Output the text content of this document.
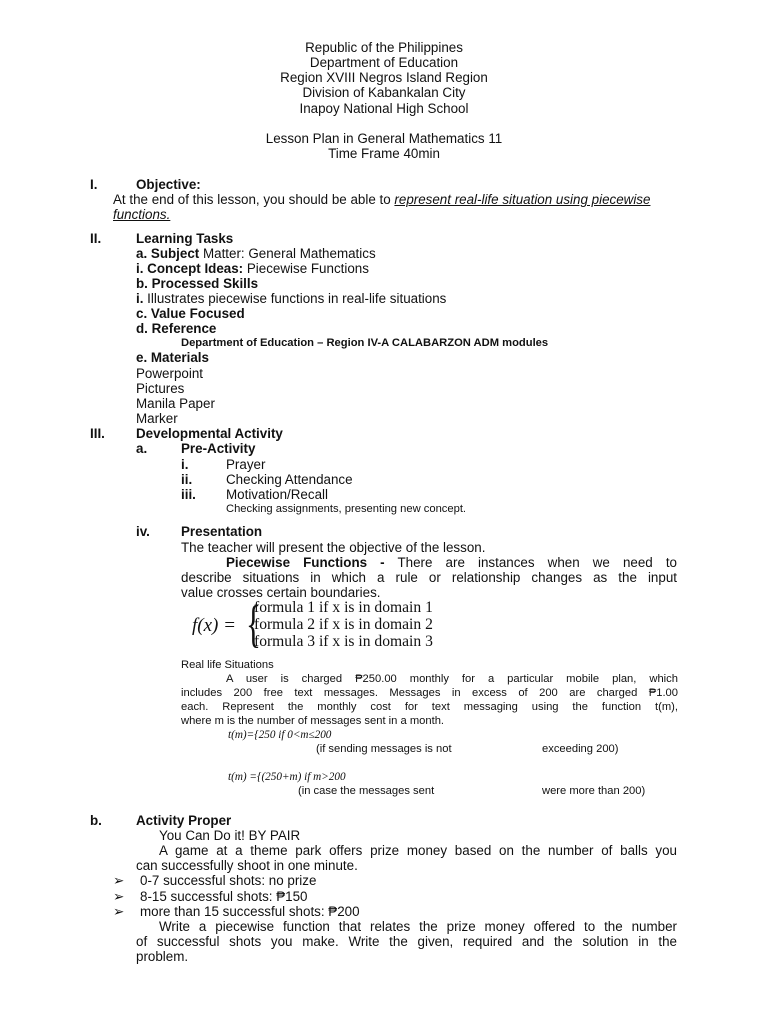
Republic of the Philippines
Department of Education
Region XVIII Negros Island Region
Division of Kabankalan City
Inapoy National High School
Lesson Plan in General Mathematics 11
Time Frame 40min
I.	Objective:
At the end of this lesson, you should be able to represent real-life situation using piecewise
functions.
II.	Learning Tasks
a. Subject Matter: General Mathematics
i. Concept Ideas: Piecewise Functions
b. Processed Skills
i. Illustrates piecewise functions in real-life situations
c. Value Focused
d. Reference
Department of Education – Region IV-A CALABARZON ADM modules
e. Materials
Powerpoint
Pictures
Manila Paper
Marker
III. Developmental Activity
a.	Pre-Activity
i.	Prayer
ii.	Checking Attendance
iii. Motivation/Recall
Checking assignments, presenting new concept.
iv. Presentation
The teacher will present the objective of the lesson.
Piecewise Functions - There are instances when we need to
describe situations in which a rule or relationship changes as the input
value crosses certain boundaries.
f(x) = {
formula 1 if x is in domain 1
formula 2 if x is in domain 2
formula 3 if x is in domain 3
Real life Situations
A user is charged ₱250.00 monthly for a particular mobile plan, which
includes 200 free text messages. Messages in excess of 200 are charged ₱1.00
each. Represent the monthly cost for text messaging using the function t(m),
where m is the number of messages sent in a month.
t(m)={250 if 0<m≤200
(if sending messages is not	exceeding 200)
t(m) ={(250+m) if m>200
(in case the messages sent	were more than 200)
b.	Activity Proper
You Can Do it! BY PAIR
A game at a theme park offers prize money based on the number of balls you
can successfully shoot in one minute.
➢ 0-7 successful shots: no prize
➢ 8-15 successful shots: ₱150
➢ more than 15 successful shots: ₱200
Write a piecewise function that relates the prize money offered to the number
of successful shots you make. Write the given, required and the solution in the
problem.
